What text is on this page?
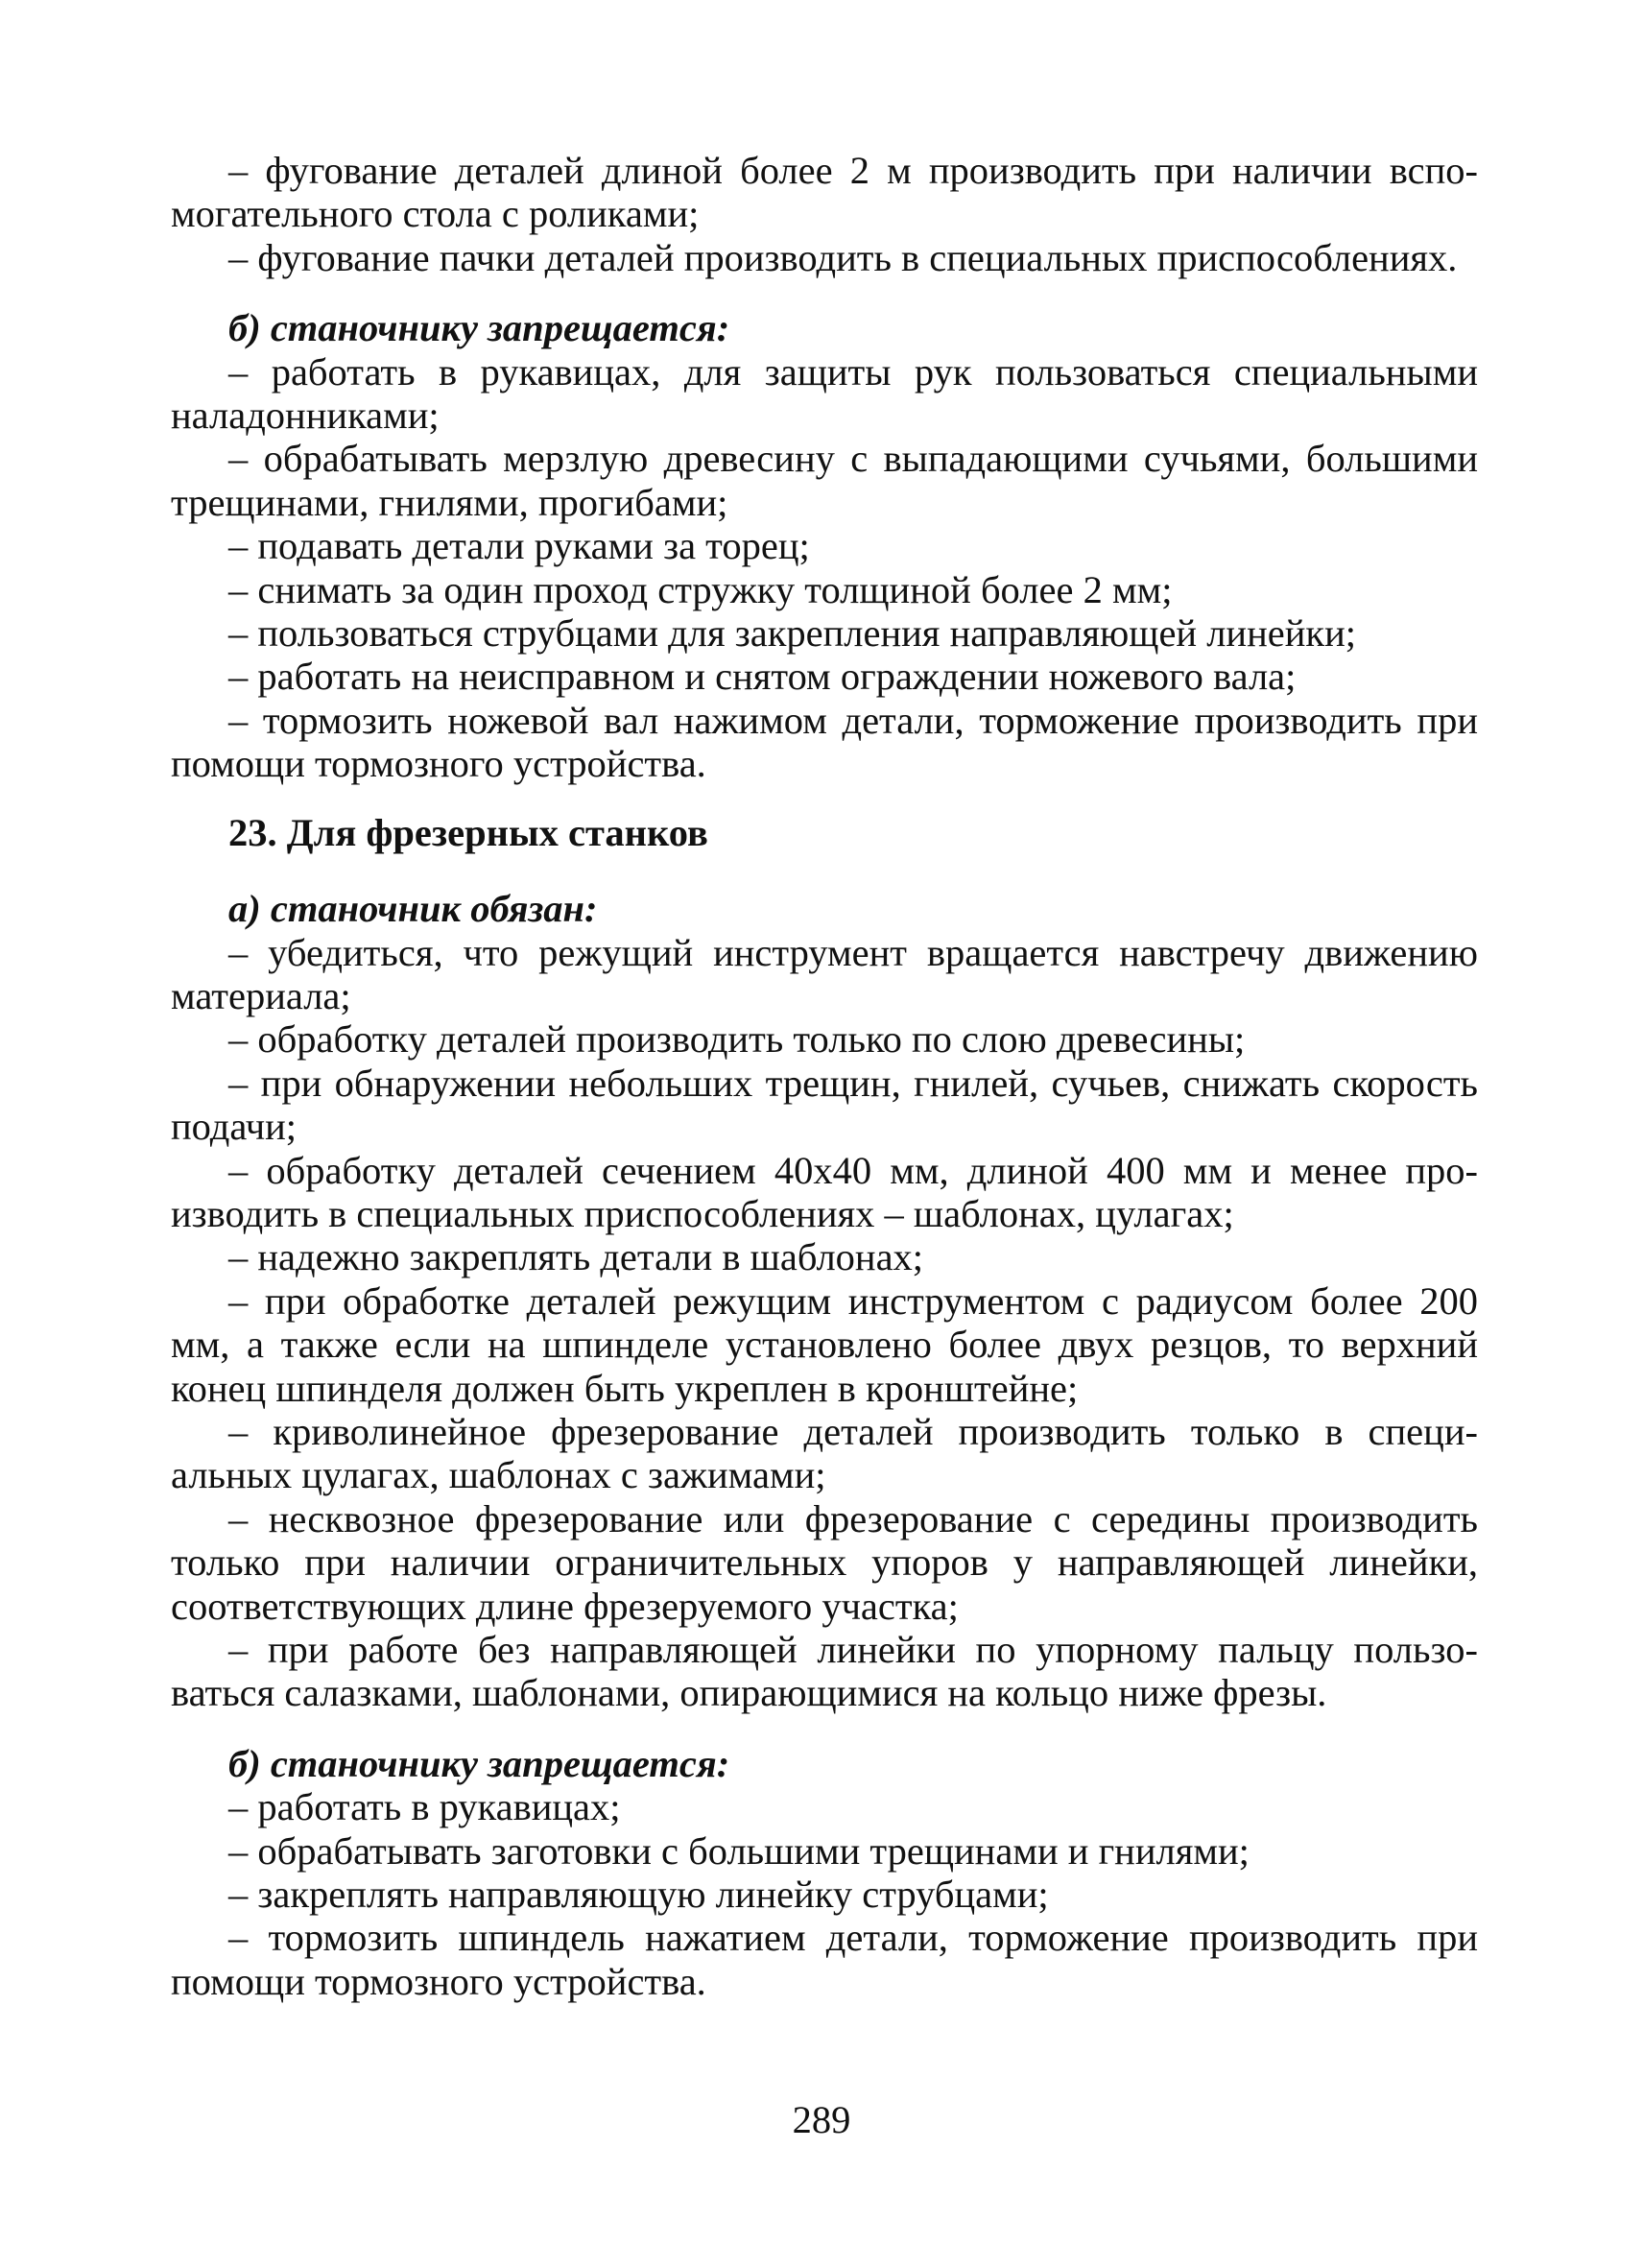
– фугование деталей длиной более 2 м производить при наличии вспомогательного стола с роликами;

– фугование пачки деталей производить в специальных приспособлениях.

б) станочнику запрещается:

– работать в рукавицах, для защиты рук пользоваться специальными наладонниками;

– обрабатывать мерзлую древесину с выпадающими сучьями, большими трещинами, гнилями, прогибами;

– подавать детали руками за торец;

– снимать за один проход стружку толщиной более 2 мм;

– пользоваться струбцами для закрепления направляющей линейки;

– работать на неисправном и снятом ограждении ножевого вала;

– тормозить ножевой вал нажимом детали, торможение производить при помощи тормозного устройства.

23. Для фрезерных станков

а) станочник обязан:

– убедиться, что режущий инструмент вращается навстречу движению материала;

– обработку деталей производить только по слою древесины;

– при обнаружении небольших трещин, гнилей, сучьев, снижать скорость подачи;

– обработку деталей сечением 40x40 мм, длиной 400 мм и менее производить в специальных приспособлениях – шаблонах, цулагах;

– надежно закреплять детали в шаблонах;

– при обработке деталей режущим инструментом с радиусом более 200 мм, а также если на шпинделе установлено более двух резцов, то верхний конец шпинделя должен быть укреплен в кронштейне;

– криволинейное фрезерование деталей производить только в специальных цулагах, шаблонах с зажимами;

– несквозное фрезерование или фрезерование с середины производить только при наличии ограничительных упоров у направляющей линейки, соответствующих длине фрезеруемого участка;

– при работе без направляющей линейки по упорному пальцу пользоваться салазками, шаблонами, опирающимися на кольцо ниже фрезы.

б) станочнику запрещается:

– работать в рукавицах;

– обрабатывать заготовки с большими трещинами и гнилями;

– закреплять направляющую линейку струбцами;

– тормозить шпиндель нажатием детали, торможение производить при помощи тормозного устройства.

289
